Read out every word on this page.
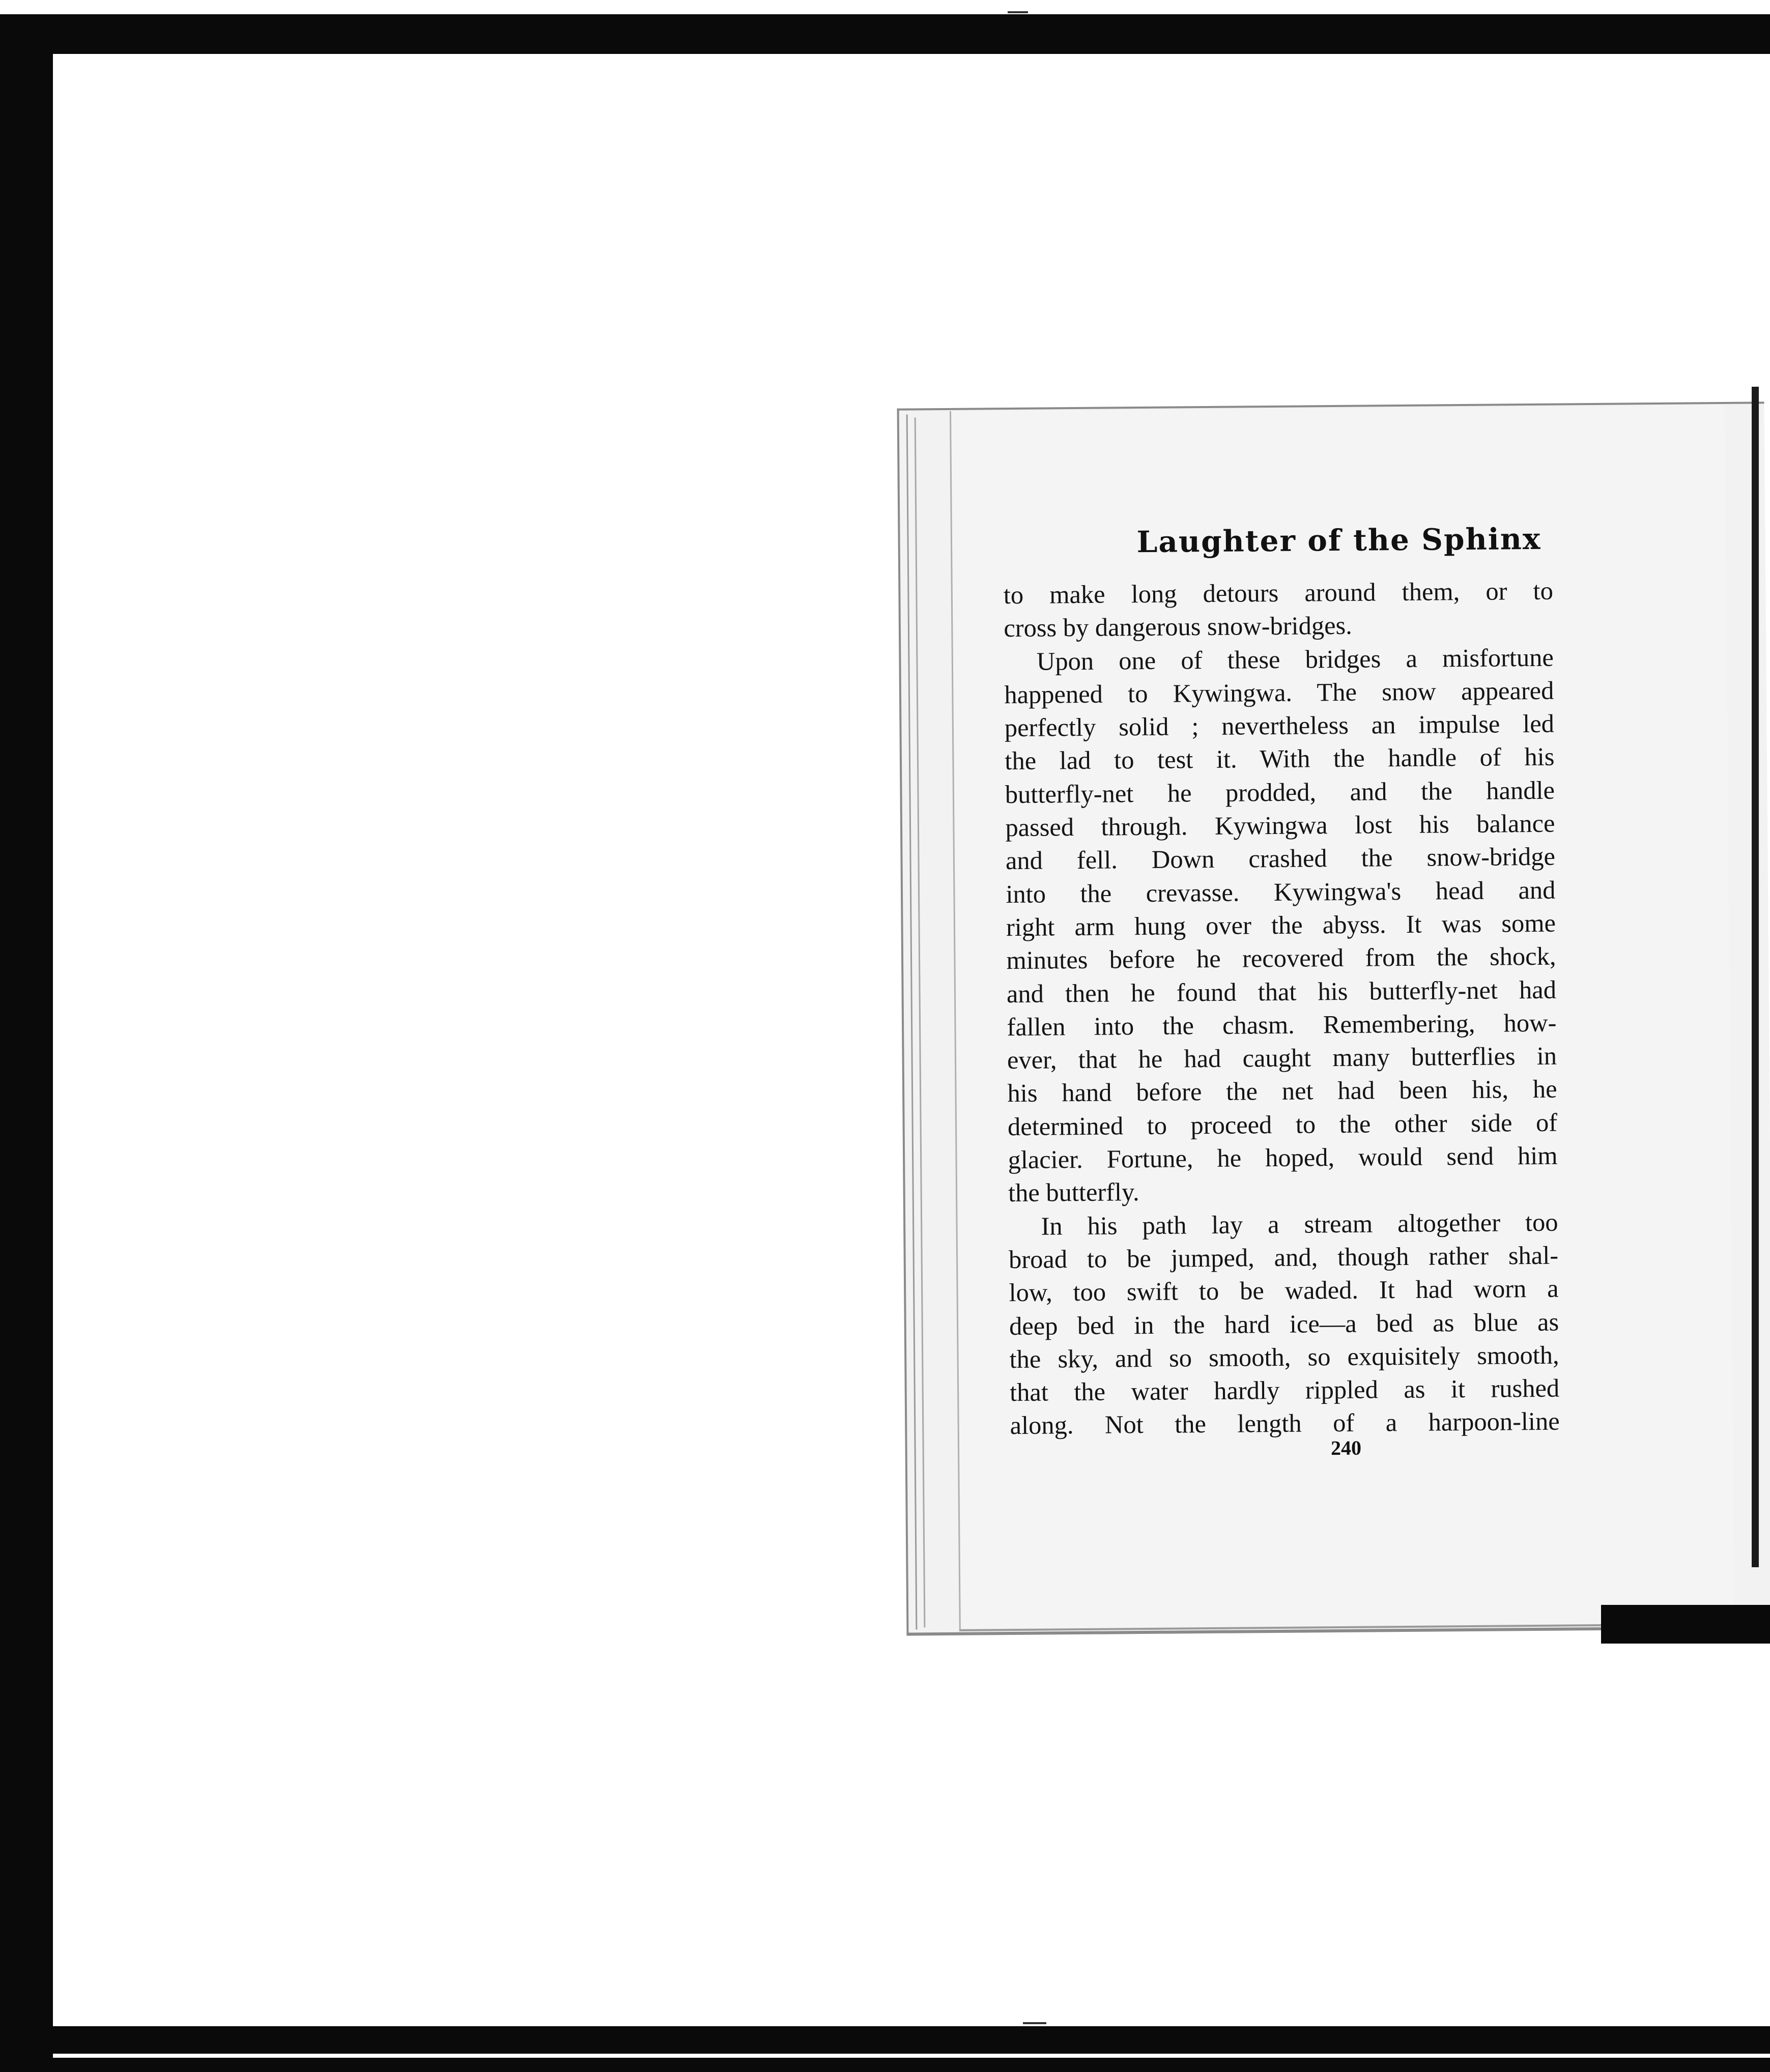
Laughter of the Sphinx
to make long detours around them, or to
cross by dangerous snow-bridges.
Upon one of these bridges a misfortune
happened to Kywingwa. The snow appeared
perfectly solid ; nevertheless an impulse led
the lad to test it. With the handle of his
butterfly-net he prodded, and the handle
passed through. Kywingwa lost his balance
and fell. Down crashed the snow-bridge
into the crevasse. Kywingwa's head and
right arm hung over the abyss. It was some
minutes before he recovered from the shock,
and then he found that his butterfly-net had
fallen into the chasm. Remembering, how-
ever, that he had caught many butterflies in
his hand before the net had been his, he
determined to proceed to the other side of
glacier. Fortune, he hoped, would send him
the butterfly.
In his path lay a stream altogether too
broad to be jumped, and, though rather shal-
low, too swift to be waded. It had worn a
deep bed in the hard ice—a bed as blue as
the sky, and so smooth, so exquisitely smooth,
that the water hardly rippled as it rushed
along. Not the length of a harpoon-line
240
